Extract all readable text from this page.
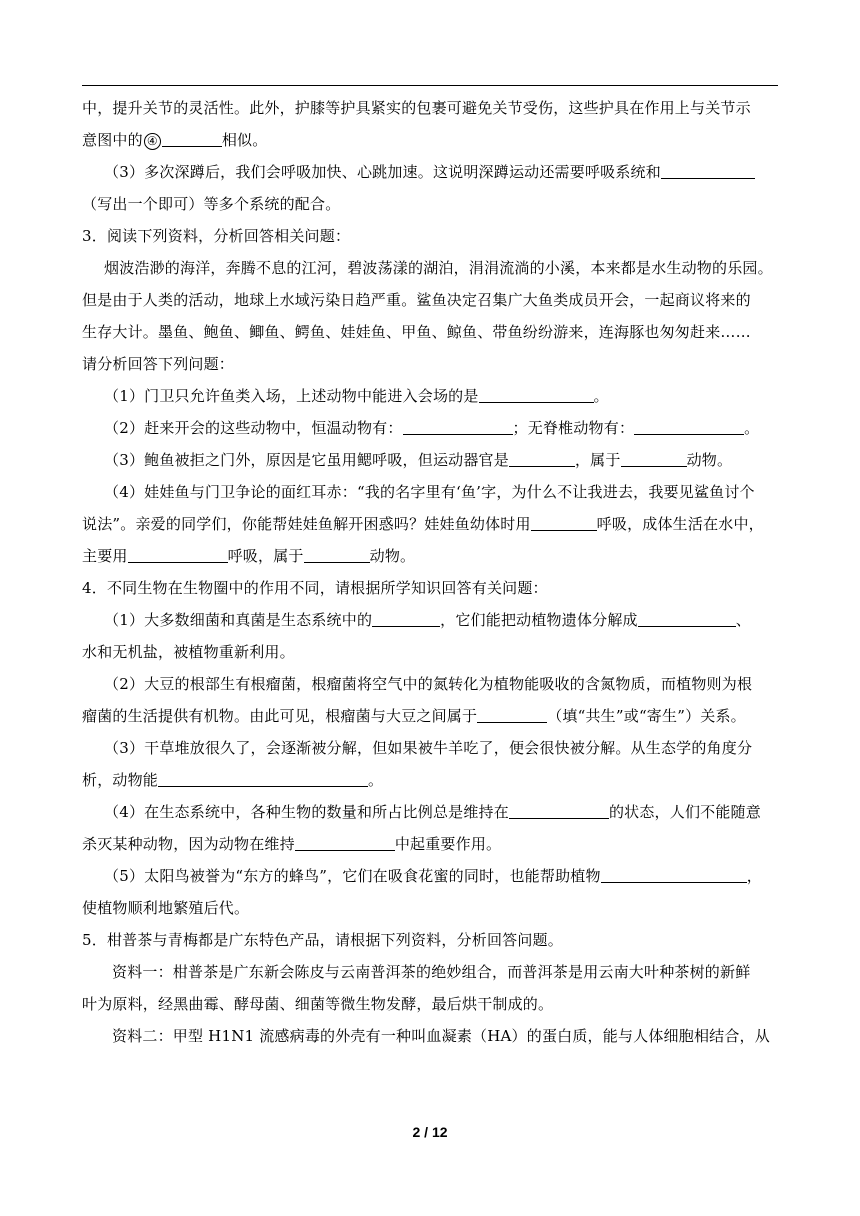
中，提升关节的灵活性。此外，护膝等护具紧实的包裹可避免关节受伤，这些护具在作用上与关节示
意图中的 ④	相似。
（3）多次深蹲后，我们会呼吸加快、心跳加速。这说明深蹲运动还需要呼吸系统和
（写出一个即可）等多个系统的配合。
3．阅读下列资料，分析回答相关问题：
烟波浩渺的海洋，奔腾不息的江河，碧波荡漾的湖泊，涓涓流淌的小溪，本来都是水生动物的乐园。
但是由于人类的活动，地球上水域污染日趋严重。鲨鱼决定召集广大鱼类成员开会，一起商议将来的
生存大计。墨鱼、鲍鱼、鲫鱼、鳄鱼、娃娃鱼、甲鱼、鲸鱼、带鱼纷纷游来，连海豚也匆匆赶来……
请分析回答下列问题：
（1）门卫只允许鱼类入场，上述动物中能进入会场的是	。
（2）赶来开会的这些动物中，恒温动物有：	；无脊椎动物有：	。
（3）鲍鱼被拒之门外，原因是它虽用鳃呼吸，但运动器官是	，属于	动物。
（4）娃娃鱼与门卫争论的面红耳赤：“我的名字里有‘鱼’字，为什么不让我进去，我要见鲨鱼讨个
说法”。亲爱的同学们，你能帮娃娃鱼解开困惑吗？娃娃鱼幼体时用	呼吸，成体生活在水中，
主要用	呼吸，属于	动物。
4．不同生物在生物圈中的作用不同，请根据所学知识回答有关问题：
（1）大多数细菌和真菌是生态系统中的	，它们能把动植物遗体分解成	、
水和无机盐，被植物重新利用。
（2）大豆的根部生有根瘤菌，根瘤菌将空气中的氮转化为植物能吸收的含氮物质，而植物则为根
瘤菌的生活提供有机物。由此可见，根瘤菌与大豆之间属于	（填“共生”或“寄生”）关系。
（3）干草堆放很久了，会逐渐被分解，但如果被牛羊吃了，便会很快被分解。从生态学的角度分
析，动物能	。
（4）在生态系统中，各种生物的数量和所占比例总是维持在	的状态，人们不能随意
杀灭某种动物，因为动物在维持	中起重要作用。
（5）太阳鸟被誉为“东方的蜂鸟”，它们在吸食花蜜的同时，也能帮助植物	，
使植物顺利地繁殖后代。
5．柑普茶与青梅都是广东特色产品，请根据下列资料，分析回答问题。
资料一：柑普茶是广东新会陈皮与云南普洱茶的绝妙组合，而普洱茶是用云南大叶种茶树的新鲜
叶为原料，经黑曲霉、酵母菌、细菌等微生物发酵，最后烘干制成的。
资料二：甲型 H1N1 流感病毒的外壳有一种叫血凝素（HA）的蛋白质，能与人体细胞相结合，从
2 / 12
